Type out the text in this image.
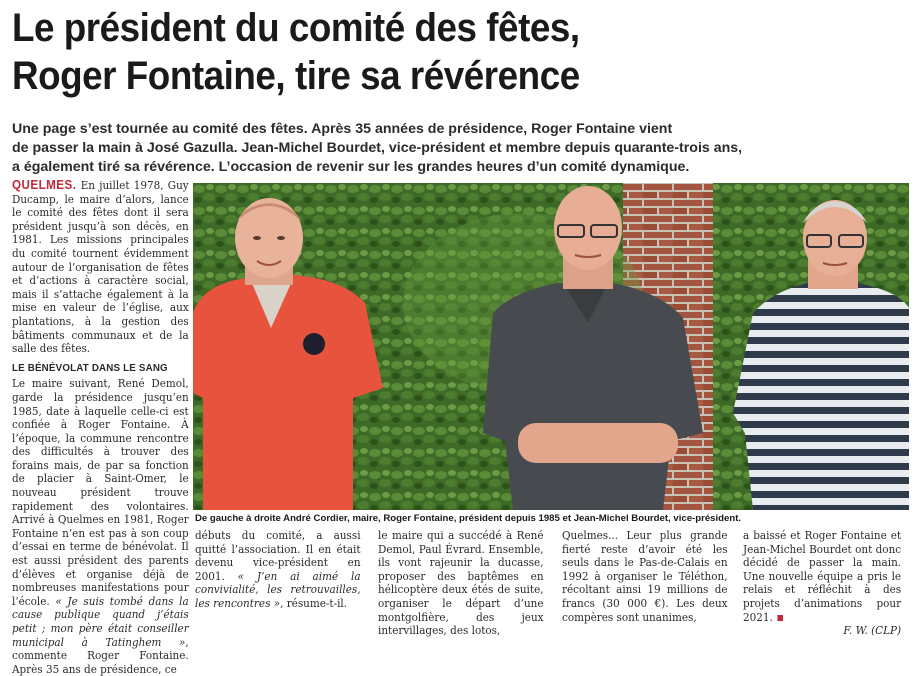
Le président du comité des fêtes,
Roger Fontaine, tire sa révérence
Une page s’est tournée au comité des fêtes. Après 35 années de présidence, Roger Fontaine vient
de passer la main à José Gazulla. Jean-Michel Bourdet, vice-président et membre depuis quarante-trois ans,
a également tiré sa révérence. L’occasion de revenir sur les grandes heures d’un comité dynamique.

QUELMES. En juillet 1978, Guy Ducamp, le maire d’alors, lance le comité des fêtes dont il sera président jusqu’à son décès, en 1981. Les missions principales du comité tournent évidemment autour de l’organisation de fêtes et d’actions à caractère social, mais il s’attache également à la mise en valeur de l’église, aux plantations, à la gestion des bâtiments communaux et de la salle des fêtes.

LE BÉNÉVOLAT DANS LE SANG

Le maire suivant, René Demol, garde la présidence jusqu’en 1985, date à laquelle celle-ci est confiée à Roger Fontaine. À l’époque, la commune rencontre des difficultés à trouver des forains mais, de par sa fonction de placier à Saint-Omer, le nouveau président trouve rapidement des volontaires. Arrivé à Quelmes en 1981, Roger Fontaine n’en est pas à son coup d’essai en terme de bénévolat. Il est aussi président des parents d’élèves et organise déjà de nombreuses manifestations pour l’école. « Je suis tombé dans la cause publique quand j’étais petit ; mon père était conseiller municipal à Tatinghem », commente Roger Fontaine. Après 35 ans de présidence, ce

De gauche à droite André Cordier, maire, Roger Fontaine, président depuis 1985 et Jean-Michel Bourdet, vice-président.

débuts du comité, a aussi quitté l’association. Il en était devenu vice-président en 2001. « J’en ai aimé la convivialité, les retrouvailles, les rencontres », résume-t-il.

le maire qui a succédé à René Demol, Paul Évrard. Ensemble, ils vont rajeunir la ducasse, proposer des baptêmes en hélicoptère deux étés de suite, organiser le départ d’une montgolfière, des jeux intervillages, des lotos,

Quelmes... Leur plus grande fierté reste d’avoir été les seuls dans le Pas-de-Calais en 1992 à organiser le Téléthon, récoltant ainsi 19 millions de francs (30 000 €). Les deux compères sont unanimes,

a baissé et Roger Fontaine et Jean-Michel Bourdet ont donc décidé de passer la main. Une nouvelle équipe a pris le relais et réfléchit à des projets d’animations pour 2021.

F. W. (CLP)
